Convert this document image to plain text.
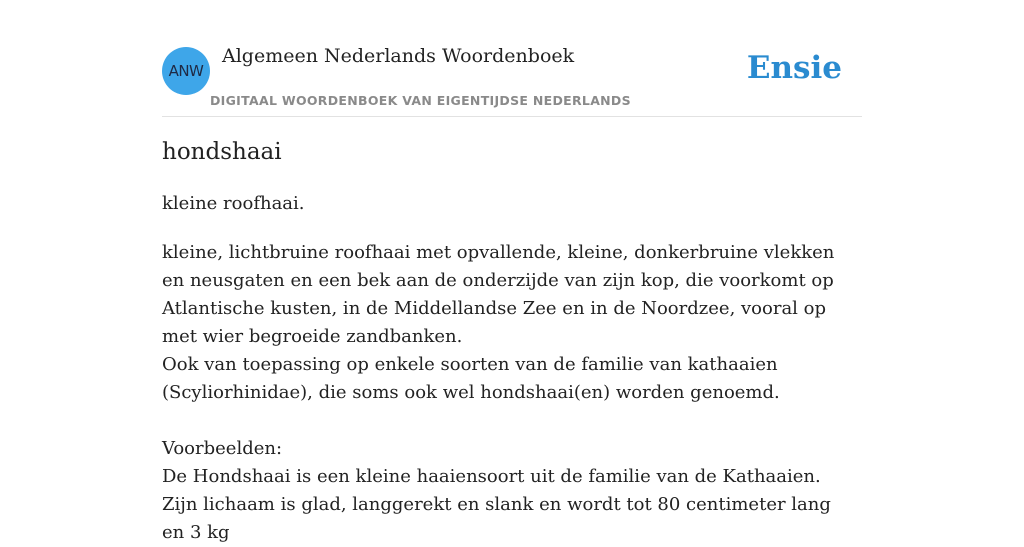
ANW
Algemeen Nederlands Woordenboek
DIGITAAL WOORDENBOEK VAN EIGENTIJDSE NEDERLANDS
Ensie
hondshaai

kleine roofhaai.

kleine, lichtbruine roofhaai met opvallende, kleine, donkerbruine vlekken en neusgaten en een bek aan de onderzijde van zijn kop, die voorkomt op Atlantische kusten, in de Middellandse Zee en in de Noordzee, vooral op met wier begroeide zandbanken.

Ook van toepassing op enkele soorten van de familie van kathaaien (Scyliorhinidae), die soms ook wel hondshaai(en) worden genoemd.

Voorbeelden:

De Hondshaai is een kleine haaiensoort uit de familie van de Kathaaien. Zijn lichaam is glad, langgerekt en slank en wordt tot 80 centimeter lang en 3 kg
